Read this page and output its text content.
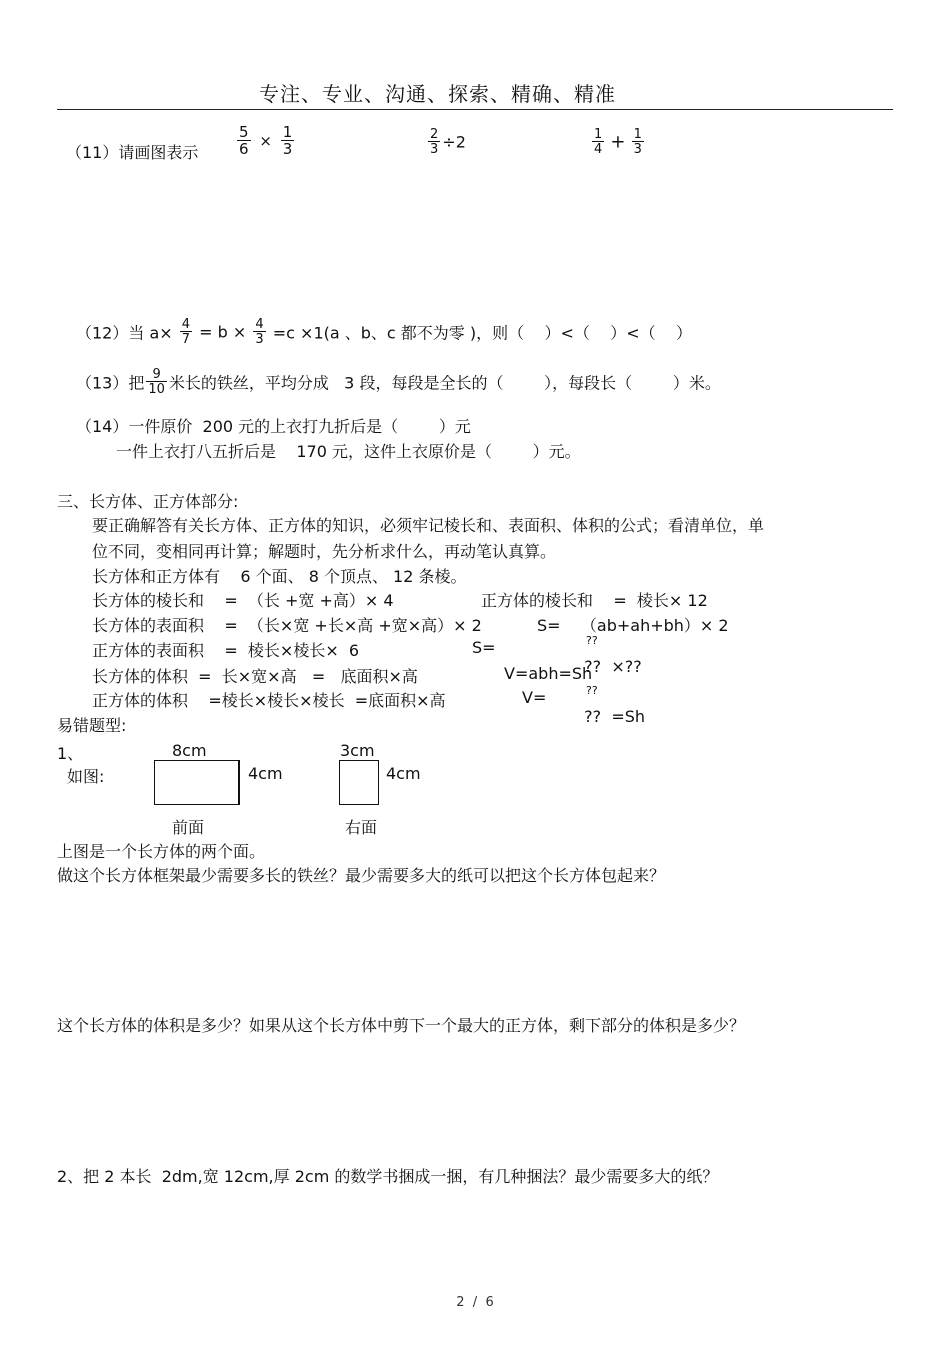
专注、专业、沟通、探索、精确、精准
（11）请画图表示	$\frac{5}{6} \times \frac{1}{3}$	$\frac{2}{3} \div 2$	$\frac{1}{4} + \frac{1}{3}$
（12）当 $a\times \frac{4}{7} = b \times \frac{4}{3} =c \times 1(a$ 、b、c 都不为零 )，则（    ）<（    ）<（    ）
（13）把 $\frac{9}{10}$ 米长的铁丝，平均分成   3 段，每段是全长的（        ），每段长（        ）米。
（14）一件原价  200 元的上衣打九折后是（        ）元
一件上衣打八五折后是    170 元，这件上衣原价是（        ）元。
三、长方体、正方体部分:
要正确解答有关长方体、正方体的知识，必须牢记棱长和、表面积、体积的公式；看清单位，单
位不同，变相同再计算；解题时，先分析求什么，再动笔认真算。
长方体和正方体有    6 个面、 8 个顶点、 12 条棱。
长方体的棱长和    =  （长 +宽 +高）× 4	正方体的棱长和    =  棱长× 12
长方体的表面积    =  （长×宽 +长×高 +宽×高）× 2	S=    （ab+ah+bh）× 2
正方体的表面积    =  棱长×棱长×  6	S=

??  ×??

??

长方体的体积  =  长×宽×高   =   底面积×高	V=abh=Sh
正方体的体积    =棱长×棱长×棱长  =底面积×高	V=

??  =Sh

??

易错题型:
1、
如图:
8cm
4cm
前面
3cm
4cm
右面
上图是一个长方体的两个面。
做这个长方体框架最少需要多长的铁丝？最少需要多大的纸可以把这个长方体包起来？
这个长方体的体积是多少？如果从这个长方体中剪下一个最大的正方体，剩下部分的体积是多少？
2、把 2 本长  2dm,宽 12cm,厚 2cm 的数学书捆成一捆，有几种捆法？最少需要多大的纸？
2  /  6
